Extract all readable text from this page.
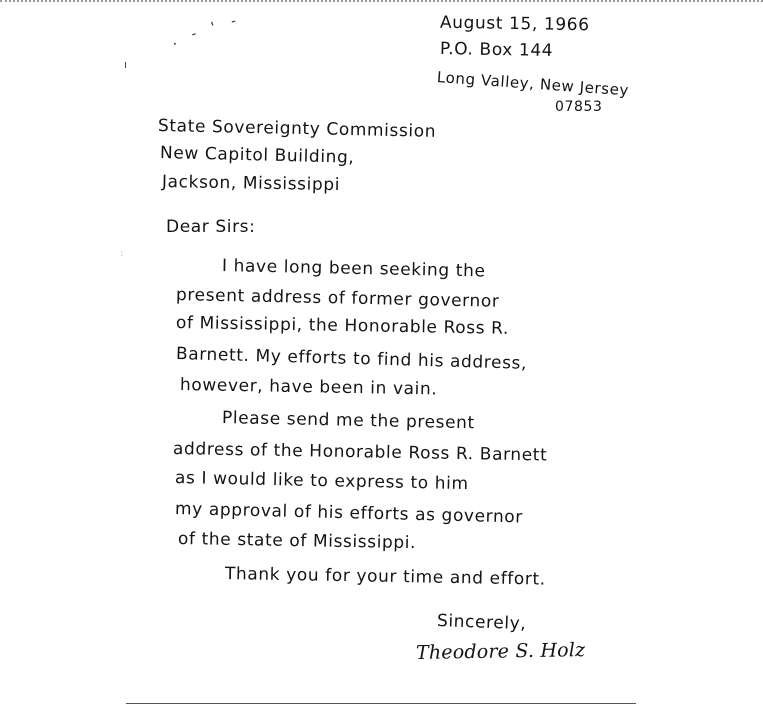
. - ' -
:
August 15, 1966
P.O. Box 144
Long Valley, New Jersey
07853
State Sovereignty Commission
New Capitol Building,
Jackson, Mississippi
Dear Sirs:
I have long been seeking the
present address of former governor
of Mississippi, the Honorable Ross R.
Barnett. My efforts to find his address,
however, have been in vain.
Please send me the present
address of the Honorable Ross R. Barnett
as I would like to express to him
my approval of his efforts as governor
of the state of Mississippi.
Thank you for your time and effort.
Sincerely,
Theodore S. Holz
